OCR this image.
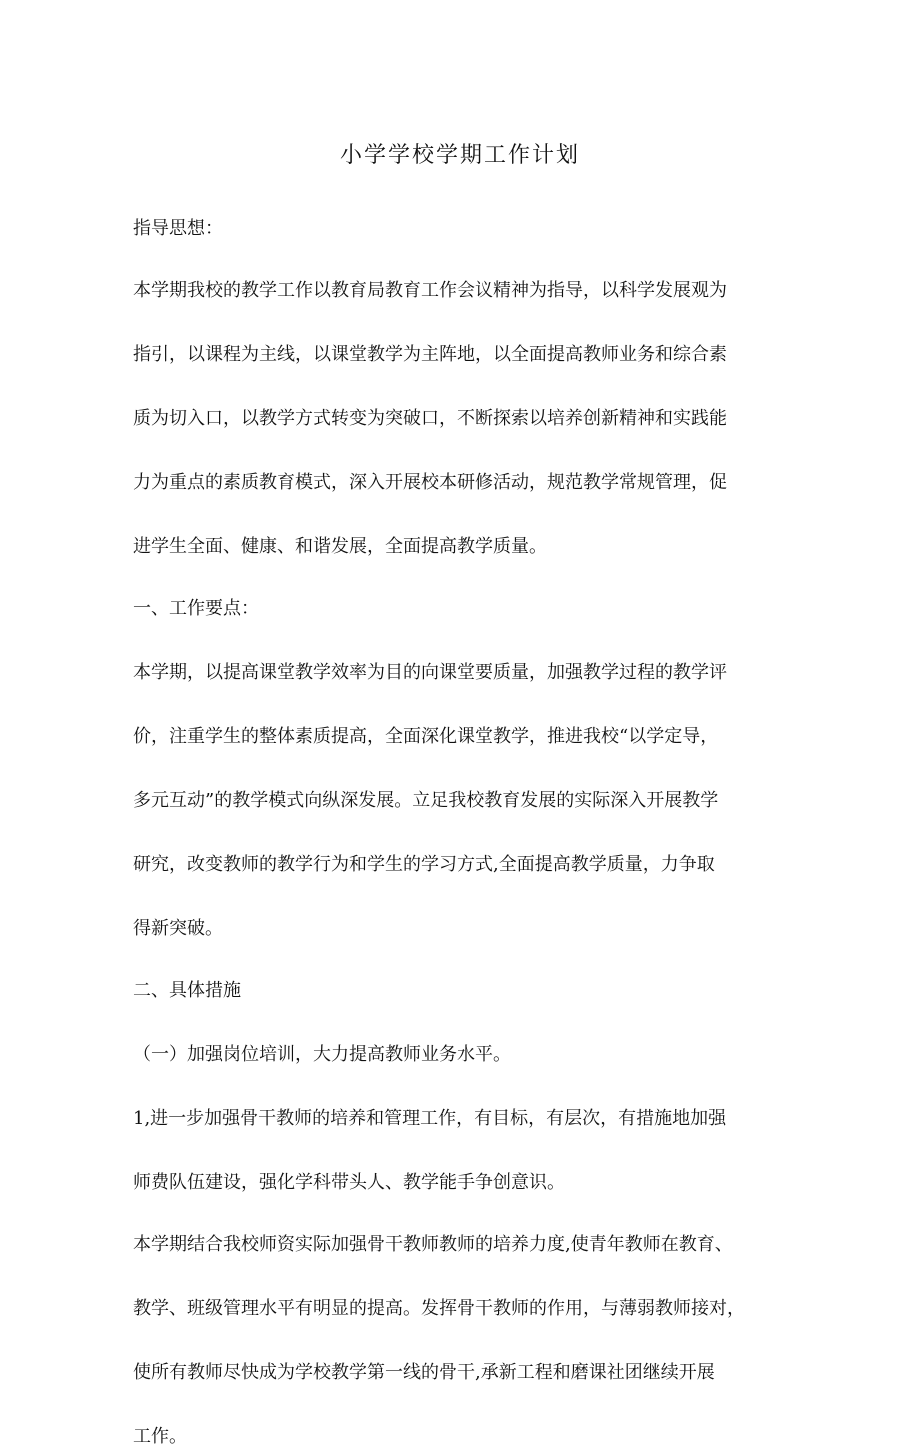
小学学校学期工作计划
指导思想：
本学期我校的教学工作以教育局教育工作会议精神为指导，以科学发展观为
指引，以课程为主线，以课堂教学为主阵地，以全面提高教师业务和综合素
质为切入口，以教学方式转变为突破口，不断探索以培养创新精神和实践能
力为重点的素质教育模式，深入开展校本研修活动，规范教学常规管理，促
进学生全面、健康、和谐发展，全面提高教学质量。
一、工作要点：
本学期，以提高课堂教学效率为目的向课堂要质量，加强教学过程的教学评
价，注重学生的整体素质提高，全面深化课堂教学，推进我校“以学定导，
多元互动”的教学模式向纵深发展。立足我校教育发展的实际深入开展教学
研究，改变教师的教学行为和学生的学习方式,全面提高教学质量，力争取
得新突破。
二、具体措施
（一）加强岗位培训，大力提高教师业务水平。
1,进一步加强骨干教师的培养和管理工作，有目标，有层次，有措施地加强
师费队伍建设，强化学科带头人、教学能手争创意识。
本学期结合我校师资实际加强骨干教师教师的培养力度,使青年教师在教育、
教学、班级管理水平有明显的提高。发挥骨干教师的作用，与薄弱教师接对，
使所有教师尽快成为学校教学第一线的骨干,承新工程和磨课社团继续开展
工作。
